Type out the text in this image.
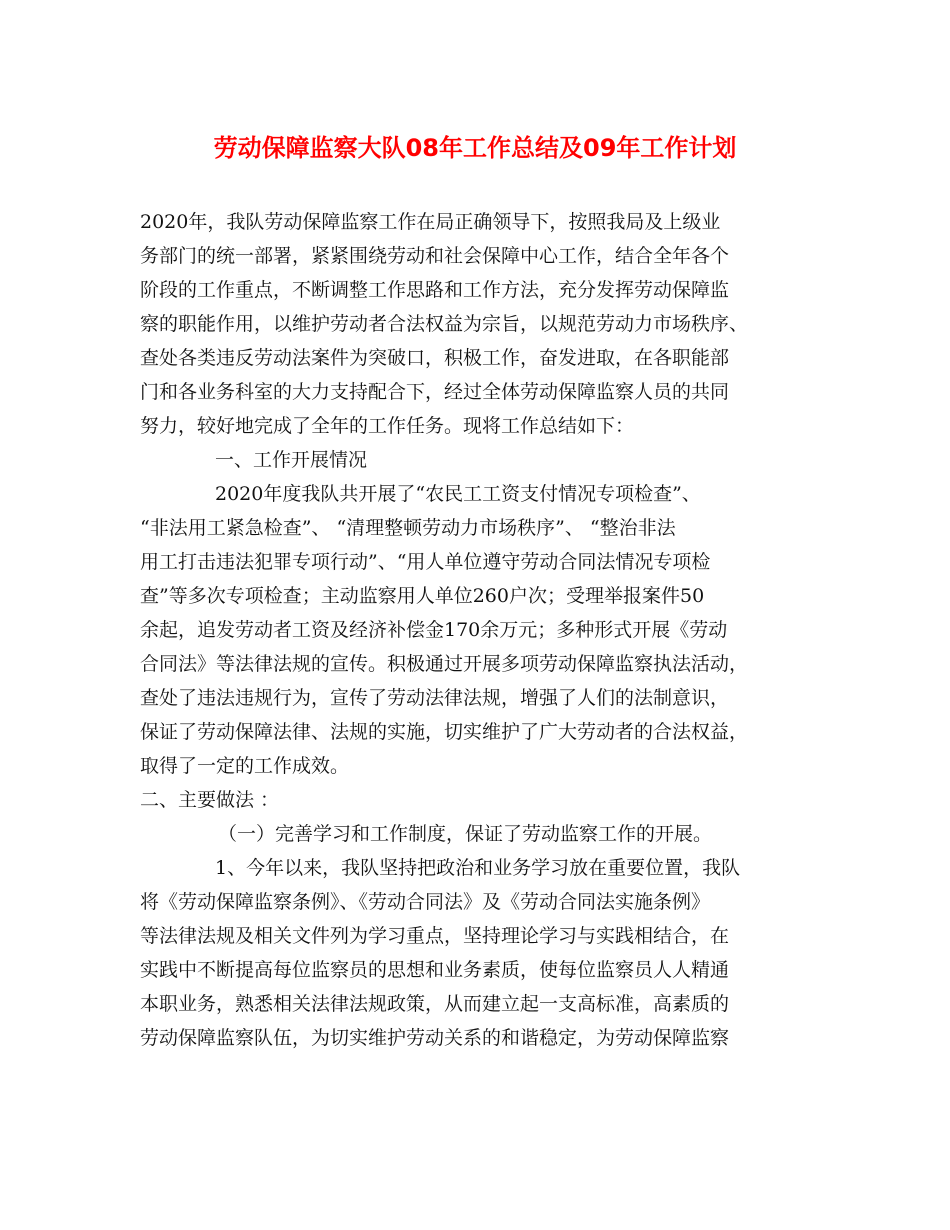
劳动保障监察大队08年工作总结及09年工作计划
2020年，我队劳动保障监察工作在局正确领导下，按照我局及上级业
务部门的统一部署，紧紧围绕劳动和社会保障中心工作，结合全年各个
阶段的工作重点，不断调整工作思路和工作方法，充分发挥劳动保障监
察的职能作用，以维护劳动者合法权益为宗旨，以规范劳动力市场秩序、
查处各类违反劳动法案件为突破口，积极工作，奋发进取，在各职能部
门和各业务科室的大力支持配合下，经过全体劳动保障监察人员的共同
努力，较好地完成了全年的工作任务。现将工作总结如下：
一、工作开展情况
2020年度我队共开展了“农民工工资支付情况专项检查”、
“非法用工紧急检查”、 “清理整顿劳动力市场秩序”、 “整治非法
用工打击违法犯罪专项行动”、“用人单位遵守劳动合同法情况专项检
查”等多次专项检查；主动监察用人单位260户次；受理举报案件50
余起，追发劳动者工资及经济补偿金170余万元；多种形式开展《劳动
合同法》等法律法规的宣传。积极通过开展多项劳动保障监察执法活动，
查处了违法违规行为，宣传了劳动法律法规，增强了人们的法制意识，
保证了劳动保障法律、法规的实施，切实维护了广大劳动者的合法权益，
取得了一定的工作成效。
二、主要做法 ：
（一）完善学习和工作制度，保证了劳动监察工作的开展。
1、今年以来，我队坚持把政治和业务学习放在重要位置，我队
将《劳动保障监察条例》、《劳动合同法》及《劳动合同法实施条例》
等法律法规及相关文件列为学习重点，坚持理论学习与实践相结合，在
实践中不断提高每位监察员的思想和业务素质，使每位监察员人人精通
本职业务，熟悉相关法律法规政策，从而建立起一支高标准，高素质的
劳动保障监察队伍，为切实维护劳动关系的和谐稳定，为劳动保障监察
